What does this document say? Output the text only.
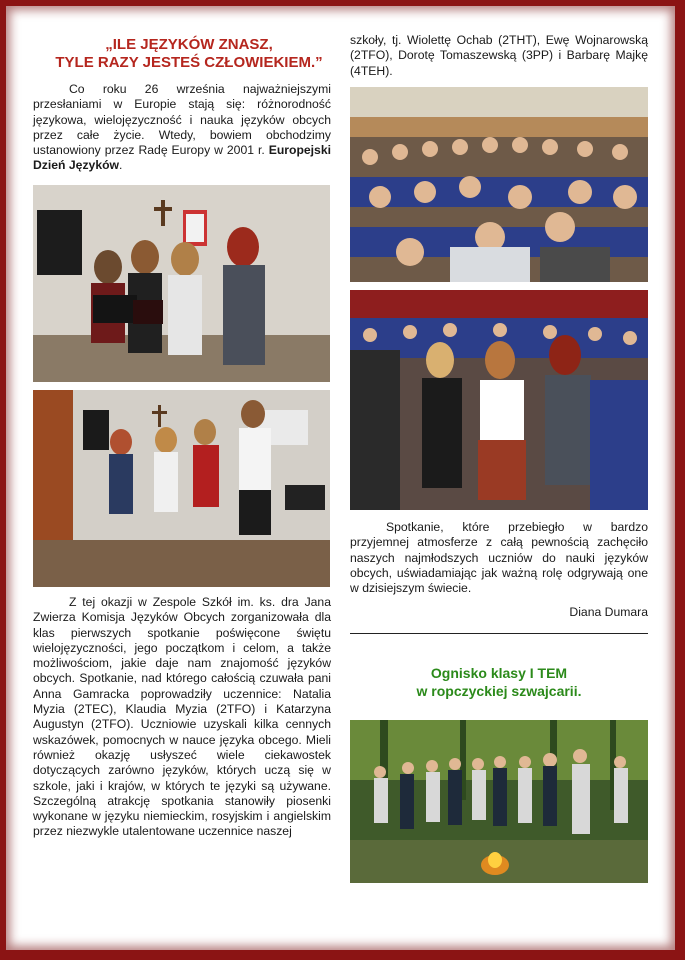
„ILE JĘZYKÓW ZNASZ,
TYLE RAZY JESTEŚ CZŁOWIEKIEM.”

Co roku 26 września najważniejszymi przesłaniami w Europie stają się: różnorodność językowa, wielojęzyczność i nauka języków obcych przez całe życie. Wtedy, bowiem obchodzimy ustanowiony przez Radę Europy w 2001 r. Europejski Dzień Języków.

Z tej okazji w Zespole Szkół im. ks. dra Jana Zwierza Komisja Języków Obcych zorganizowała dla klas pierwszych spotkanie poświęcone świętu wielojęzyczności, jego początkom i celom, a także możliwościom, jakie daje nam znajomość języków obcych. Spotkanie, nad którego całością czuwała pani Anna Gamracka poprowadziły uczennice: Natalia Myzia (2TEC), Klaudia Myzia (2TFO) i Katarzyna Augustyn (2TFO). Uczniowie uzyskali kilka cennych wskazówek, pomocnych w nauce języka obcego. Mieli również okazję usłyszeć wiele ciekawostek dotyczących zarówno języków, których uczą się w szkole, jaki i krajów, w których te języki są używane. Szczególną atrakcję spotkania stanowiły piosenki wykonane w języku niemieckim, rosyjskim i angielskim przez niezwykle utalentowane uczennice naszej

szkoły, tj. Wiolettę Ochab (2THT), Ewę Wojnarowską (2TFO), Dorotę Tomaszewską (3PP) i Barbarę Majkę (4TEH).

Spotkanie, które przebiegło w bardzo przyjemnej atmosferze z całą pewnością zachęciło naszych najmłodszych uczniów do nauki języków obcych, uświadamiając jak ważną rolę odgrywają one w dzisiejszym świecie.

Diana Dumara
Ognisko klasy I TEM
w ropczyckiej szwajcarii.
